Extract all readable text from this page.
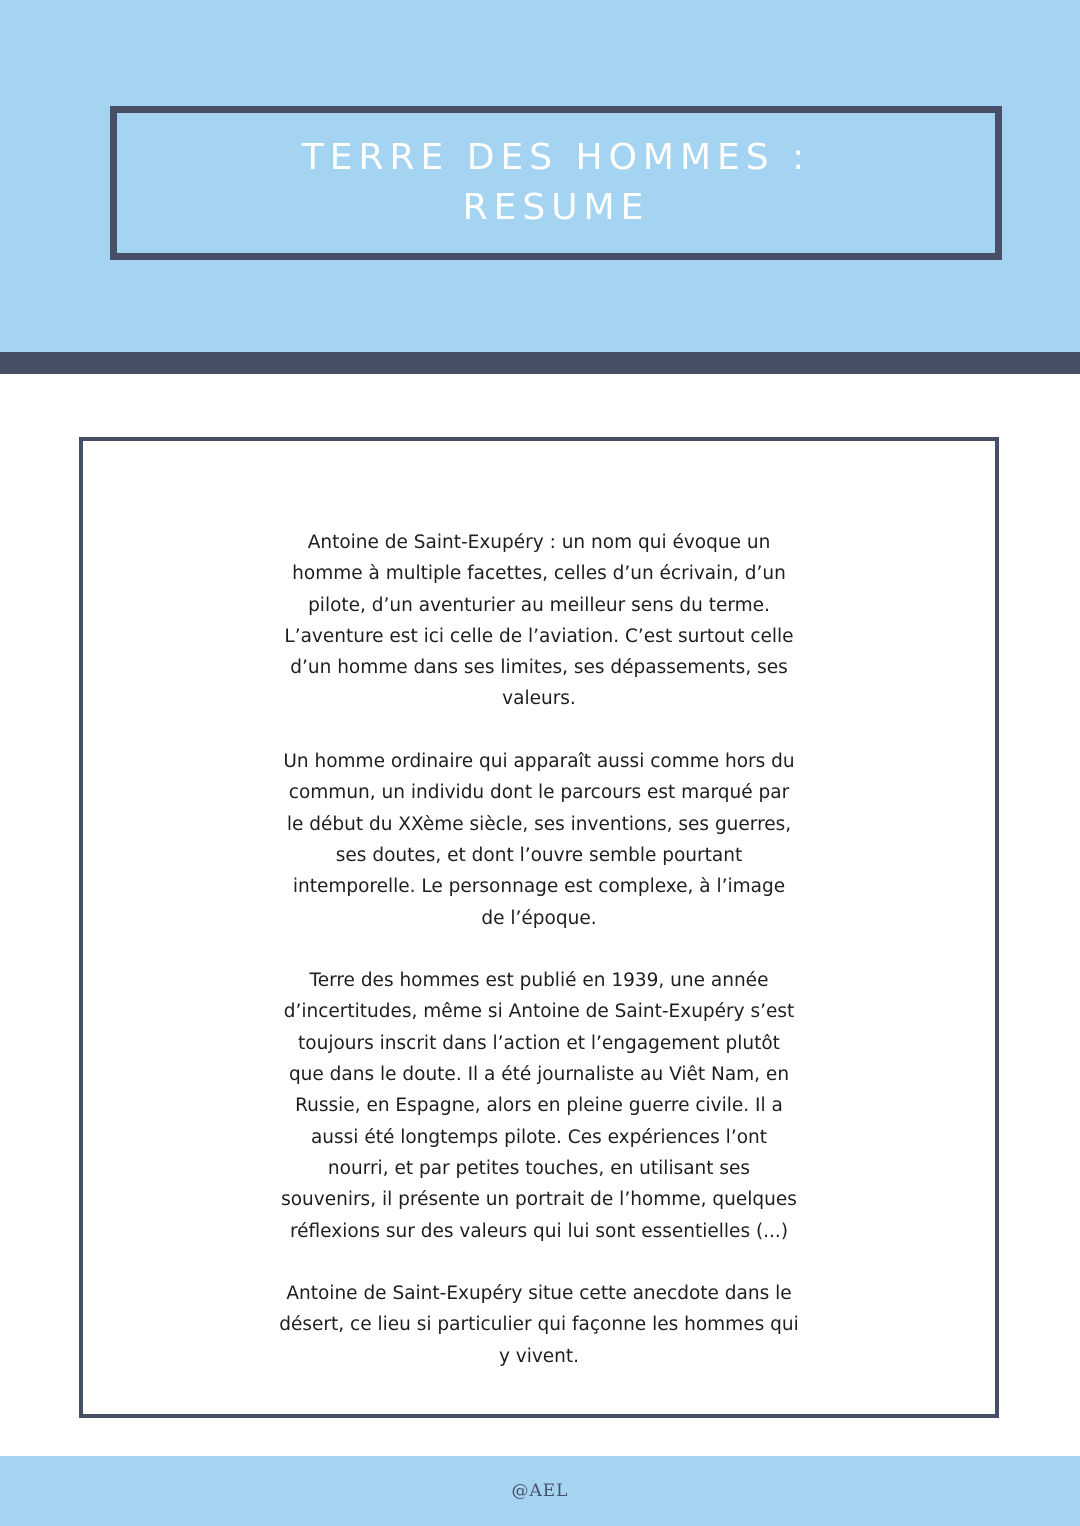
TERRE DES HOMMES :
RESUME

Antoine de Saint-Exupéry : un nom qui évoque un homme à multiple facettes, celles d’un écrivain, d’un pilote, d’un aventurier au meilleur sens du terme. L’aventure est ici celle de l’aviation. C’est surtout celle d’un homme dans ses limites, ses dépassements, ses valeurs.

Un homme ordinaire qui apparaît aussi comme hors du commun, un individu dont le parcours est marqué par le début du XXème siècle, ses inventions, ses guerres, ses doutes, et dont l’ouvre semble pourtant intemporelle. Le personnage est complexe, à l’image de l’époque.

Terre des hommes est publié en 1939, une année d’incertitudes, même si Antoine de Saint-Exupéry s’est toujours inscrit dans l’action et l’engagement plutôt que dans le doute. Il a été journaliste au Viêt Nam, en Russie, en Espagne, alors en pleine guerre civile. Il a aussi été longtemps pilote. Ces expériences l’ont nourri, et par petites touches, en utilisant ses souvenirs, il présente un portrait de l’homme, quelques réflexions sur des valeurs qui lui sont essentielles (...)

Antoine de Saint-Exupéry situe cette anecdote dans le désert, ce lieu si particulier qui façonne les hommes qui y vivent.

@AEL
